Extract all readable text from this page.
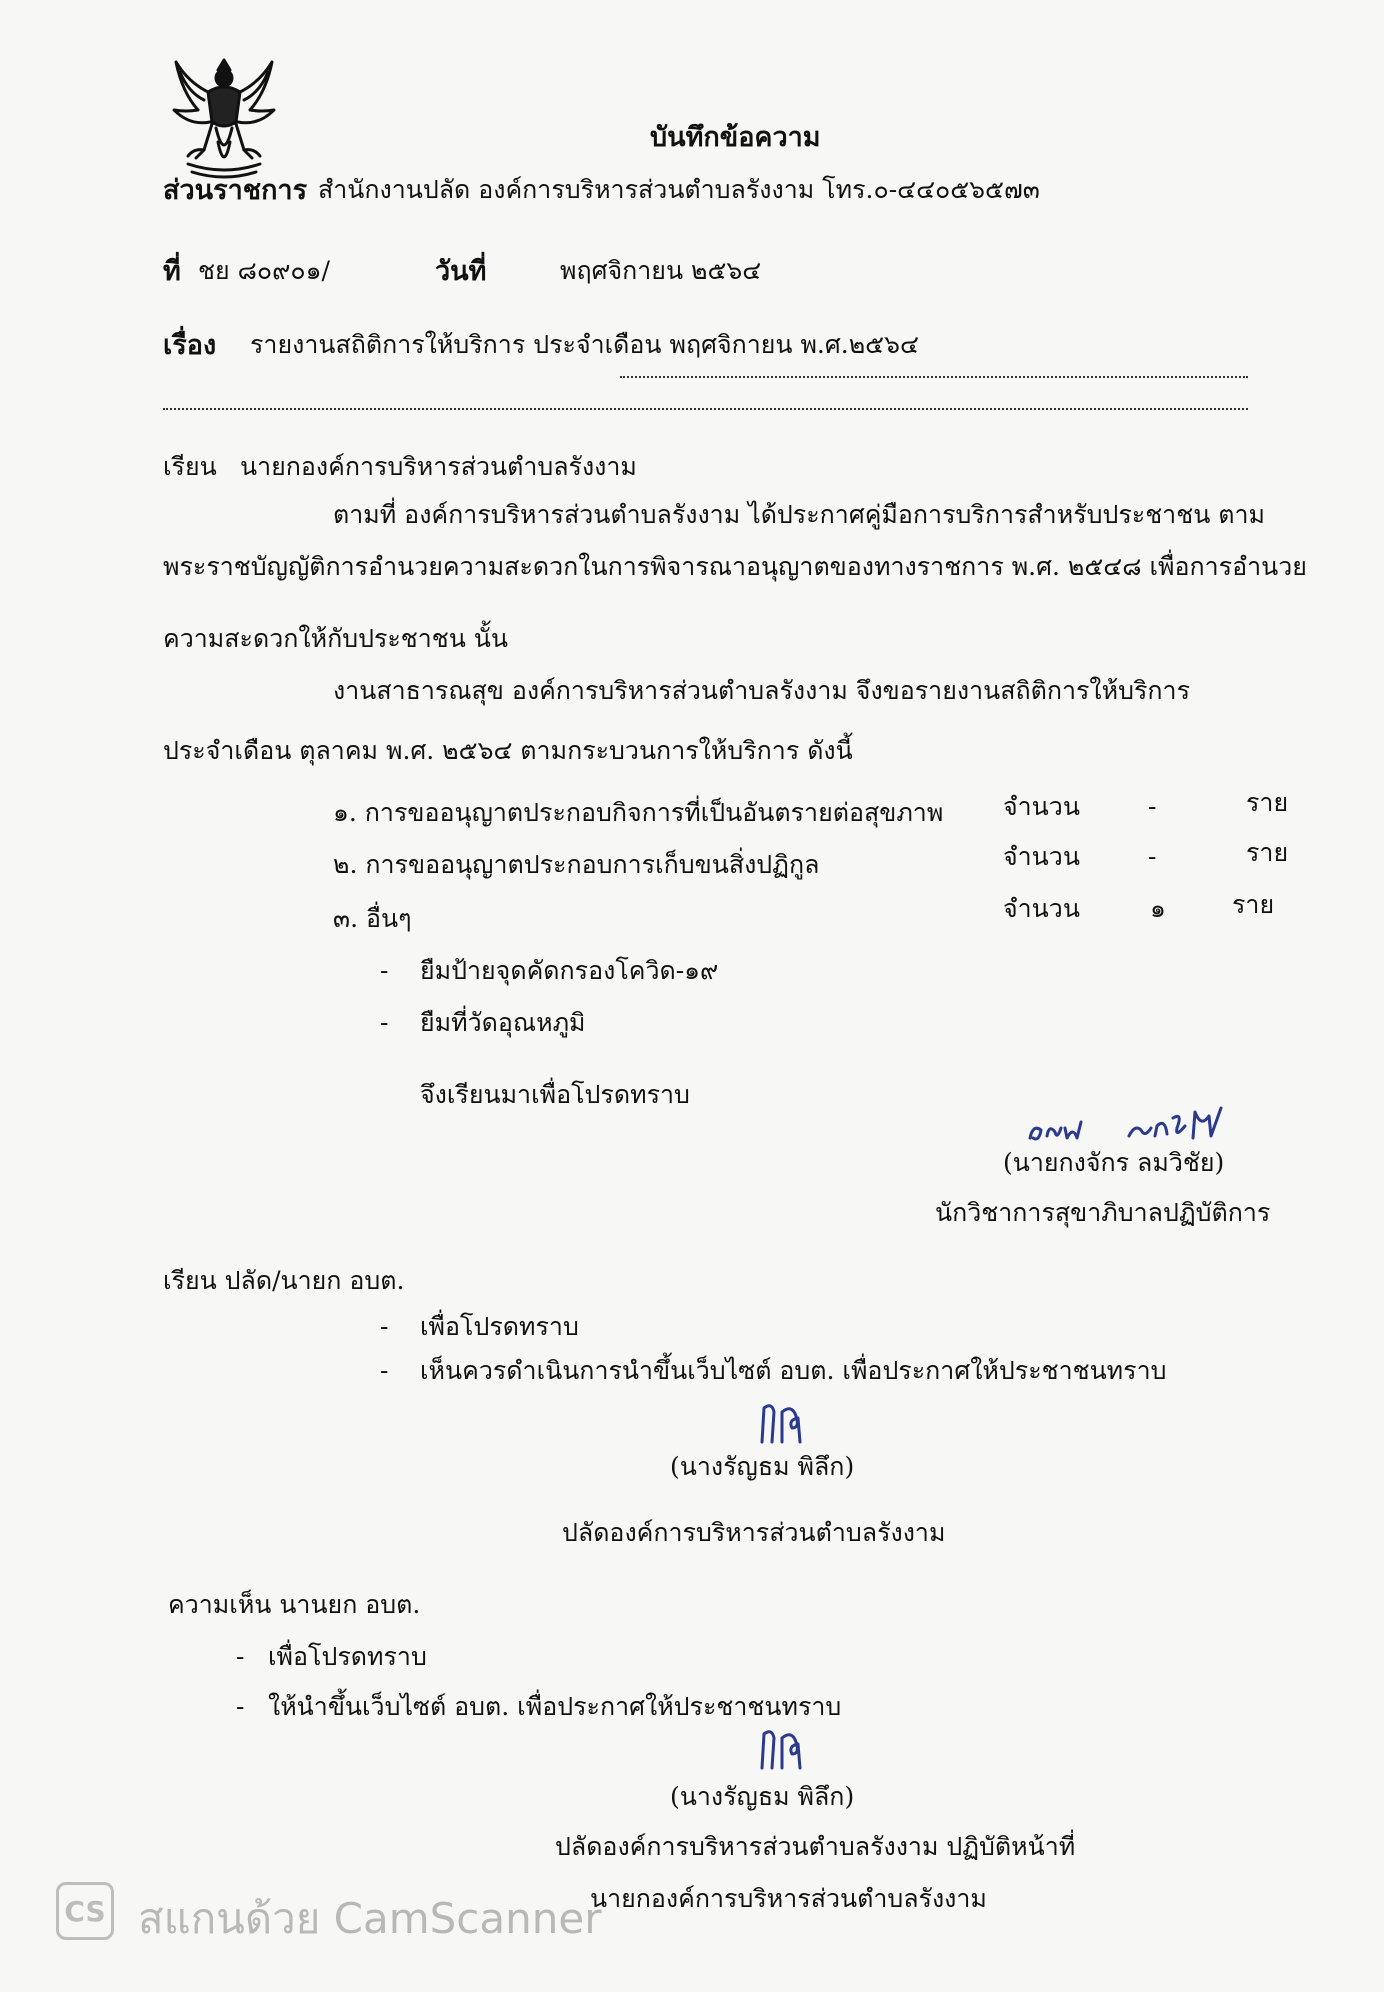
บันทึกข้อความ
ส่วนราชการ สำนักงานปลัด องค์การบริหารส่วนตำบลรังงาม โทร.๐-๔๔๐๕๖๕๗๓
ที่ ชย ๘๐๙๐๑/	วันที่	พฤศจิกายน ๒๕๖๔
เรื่อง รายงานสถิติการให้บริการ ประจำเดือน พฤศจิกายน พ.ศ.๒๕๖๔
เรียน นายกองค์การบริหารส่วนตำบลรังงาม
ตามที่ องค์การบริหารส่วนตำบลรังงาม ได้ประกาศคู่มือการบริการสำหรับประชาชน ตาม
พระราชบัญญัติการอำนวยความสะดวกในการพิจารณาอนุญาตของทางราชการ พ.ศ. ๒๕๔๘ เพื่อการอำนวย
ความสะดวกให้กับประชาชน นั้น
งานสาธารณสุข องค์การบริหารส่วนตำบลรังงาม จึงขอรายงานสถิติการให้บริการ
ประจำเดือน ตุลาคม พ.ศ. ๒๕๖๔ ตามกระบวนการให้บริการ ดังนี้
๑. การขออนุญาตประกอบกิจการที่เป็นอันตรายต่อสุขภาพ จำนวน	-	ราย
๒. การขออนุญาตประกอบการเก็บขนสิ่งปฏิกูล	จำนวน	-	ราย
๓. อื่นๆ	จำนวน	๑	ราย
- ยืมป้ายจุดคัดกรองโควิด-๑๙
- ยืมที่วัดอุณหภูมิ
จึงเรียนมาเพื่อโปรดทราบ
(นายกงจักร ลมวิชัย)
นักวิชาการสุขาภิบาลปฏิบัติการ
เรียน ปลัด/นายก อบต.
- เพื่อโปรดทราบ
- เห็นควรดำเนินการนำขึ้นเว็บไซต์ อบต. เพื่อประกาศให้ประชาชนทราบ
(นางรัญธม พิลึก)
ปลัดองค์การบริหารส่วนตำบลรังงาม
ความเห็น นานยก อบต.
- เพื่อโปรดทราบ
- ให้นำขึ้นเว็บไซต์ อบต. เพื่อประกาศให้ประชาชนทราบ
(นางรัญธม พิลึก)
ปลัดองค์การบริหารส่วนตำบลรังงาม ปฏิบัติหน้าที่
นายกองค์การบริหารส่วนตำบลรังงาม
CS สแกนด้วย CamScanner
